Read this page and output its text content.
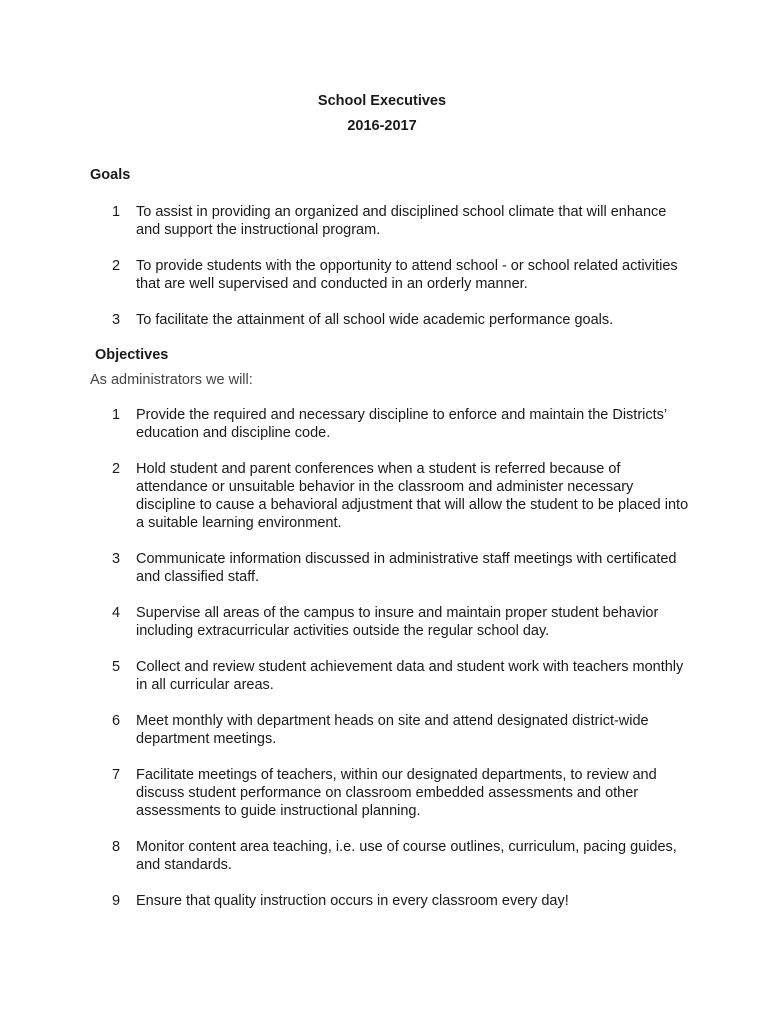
School Executives
2016-2017
Goals
1	To assist in providing an organized and disciplined school climate that will enhance and support the instructional program.
2	To provide students with the opportunity to attend school - or school related activities that are well supervised and conducted in an orderly manner.
3	To facilitate the attainment of all school wide academic performance goals.
Objectives
As administrators we will:
1	Provide the required and necessary discipline to enforce and maintain the Districts’ education and discipline code.
2	Hold student and parent conferences when a student is referred because of attendance or unsuitable behavior in the classroom and administer necessary discipline to cause a behavioral adjustment that will allow the student to be placed into a suitable learning environment.
3	Communicate information discussed in administrative staff meetings with certificated and classified staff.
4	Supervise all areas of the campus to insure and maintain proper student behavior including extracurricular activities outside the regular school day.
5	Collect and review student achievement data and student work with teachers monthly in all curricular areas.
6	Meet monthly with department heads on site and attend designated district-wide department meetings.
7	Facilitate meetings of teachers, within our designated departments, to review and discuss student performance on classroom embedded assessments and other assessments to guide instructional planning.
8	Monitor content area teaching, i.e. use of course outlines, curriculum, pacing guides, and standards.
9	Ensure that quality instruction occurs in every classroom every day!
